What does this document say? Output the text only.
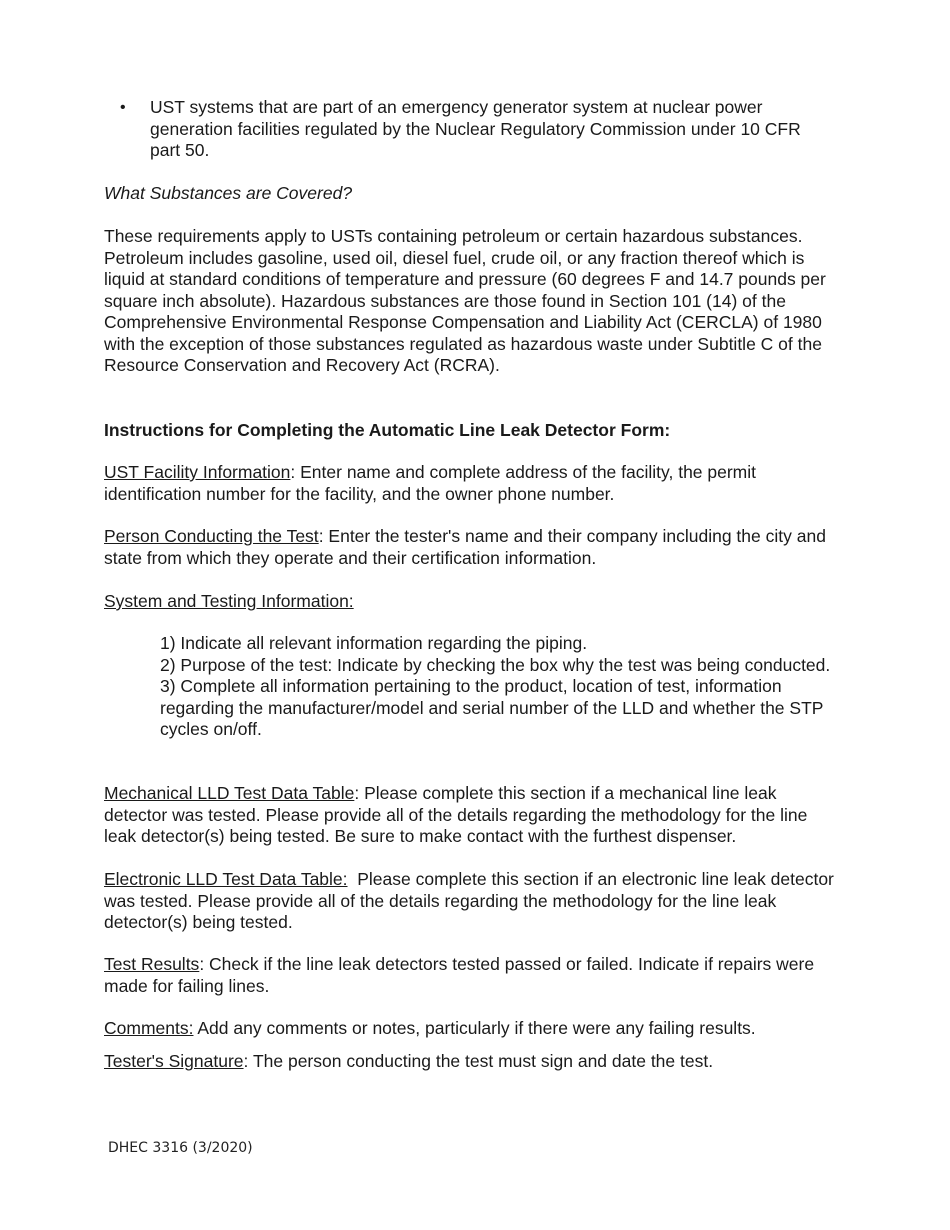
• UST systems that are part of an emergency generator system at nuclear power generation facilities regulated by the Nuclear Regulatory Commission under 10 CFR part 50.

What Substances are Covered?

These requirements apply to USTs containing petroleum or certain hazardous substances. Petroleum includes gasoline, used oil, diesel fuel, crude oil, or any fraction thereof which is liquid at standard conditions of temperature and pressure (60 degrees F and 14.7 pounds per square inch absolute). Hazardous substances are those found in Section 101 (14) of the Comprehensive Environmental Response Compensation and Liability Act (CERCLA) of 1980 with the exception of those substances regulated as hazardous waste under Subtitle C of the Resource Conservation and Recovery Act (RCRA).

Instructions for Completing the Automatic Line Leak Detector Form:

UST Facility Information: Enter name and complete address of the facility, the permit identification number for the facility, and the owner phone number.

Person Conducting the Test: Enter the tester's name and their company including the city and state from which they operate and their certification information.

System and Testing Information:

1) Indicate all relevant information regarding the piping.

2) Purpose of the test: Indicate by checking the box why the test was being conducted.

3) Complete all information pertaining to the product, location of test, information regarding the manufacturer/model and serial number of the LLD and whether the STP cycles on/off.

Mechanical LLD Test Data Table: Please complete this section if a mechanical line leak detector was tested. Please provide all of the details regarding the methodology for the line leak detector(s) being tested. Be sure to make contact with the furthest dispenser.

Electronic LLD Test Data Table:  Please complete this section if an electronic line leak detector was tested. Please provide all of the details regarding the methodology for the line leak detector(s) being tested.

Test Results: Check if the line leak detectors tested passed or failed. Indicate if repairs were made for failing lines.

Comments: Add any comments or notes, particularly if there were any failing results.

Tester's Signature: The person conducting the test must sign and date the test.

DHEC 3316 (3/2020)
